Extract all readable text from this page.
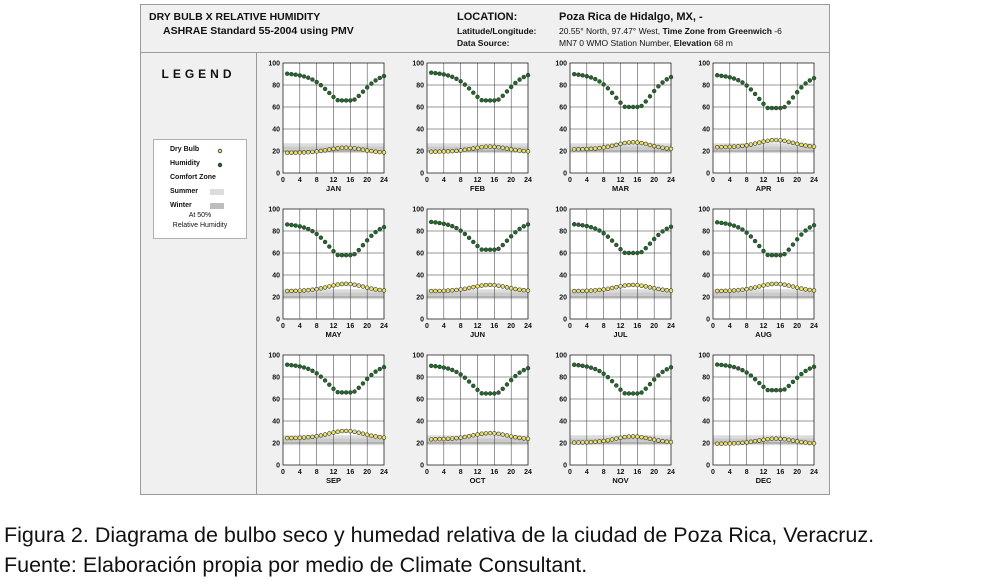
DRY BULB X RELATIVE HUMIDITY
ASHRAE Standard 55-2004 using PMV
LOCATION:	Poza Rica de Hidalgo, MX, -
Latitude/Longitude:	20.55° North, 97.47° West, Time Zone from Greenwich -6
Data Source:	MN7 0 WMO Station Number, Elevation 68 m
LEGEND
Dry Bulb
Humidity
Comfort Zone
Summer
Winter
At 50%
Relative Humidity
0
20
40
60
80
100
0 4 8 12 16 20 24
JAN
0
20
40
60
80
100
0 4 8 12 16 20 24
FEB
0
20
40
60
80
100
0 4 8 12 16 20 24
MAR
0
20
40
60
80
100
0 4 8 12 16 20 24
APR
0
20
40
60
80
100
0 4 8 12 16 20 24
MAY
0
20
40
60
80
100
0 4 8 12 16 20 24
JUN
0
20
40
60
80
100
0 4 8 12 16 20 24
JUL
0
20
40
60
80
100
0 4 8 12 16 20 24
AUG
0
20
40
60
80
100
0 4 8 12 16 20 24
SEP
0
20
40
60
80
100
0 4 8 12 16 20 24
OCT
0
20
40
60
80
100
0 4 8 12 16 20 24
NOV
0
20
40
60
80
100
0 4 8 12 16 20 24
DEC
Figura 2. Diagrama de bulbo seco y humedad relativa de la ciudad de Poza Rica, Veracruz.
Fuente: Elaboración propia por medio de Climate Consultant.
